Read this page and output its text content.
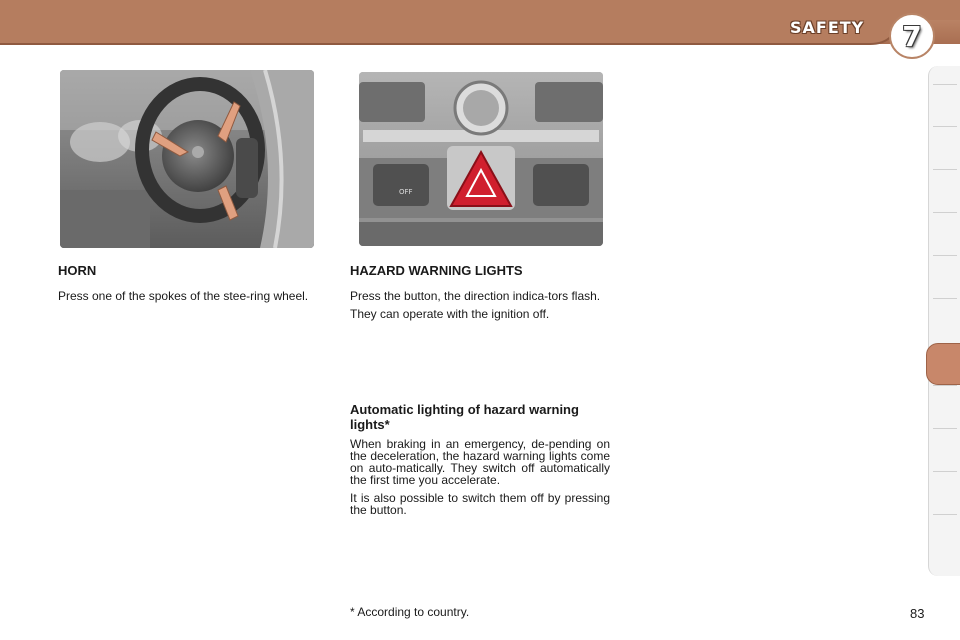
SAFETY	7
OFF
HORN

Press one of the spokes of the stee-ring wheel.

HAZARD WARNING LIGHTS

Press the button, the direction indica-tors flash.

They can operate with the ignition off.

Automatic lighting of hazard warning lights*

When braking in an emergency, de-pending on the deceleration, the hazard warning lights come on auto-matically. They switch off automatically the first time you accelerate.

It is also possible to switch them off by pressing the button.

* According to country.	83
